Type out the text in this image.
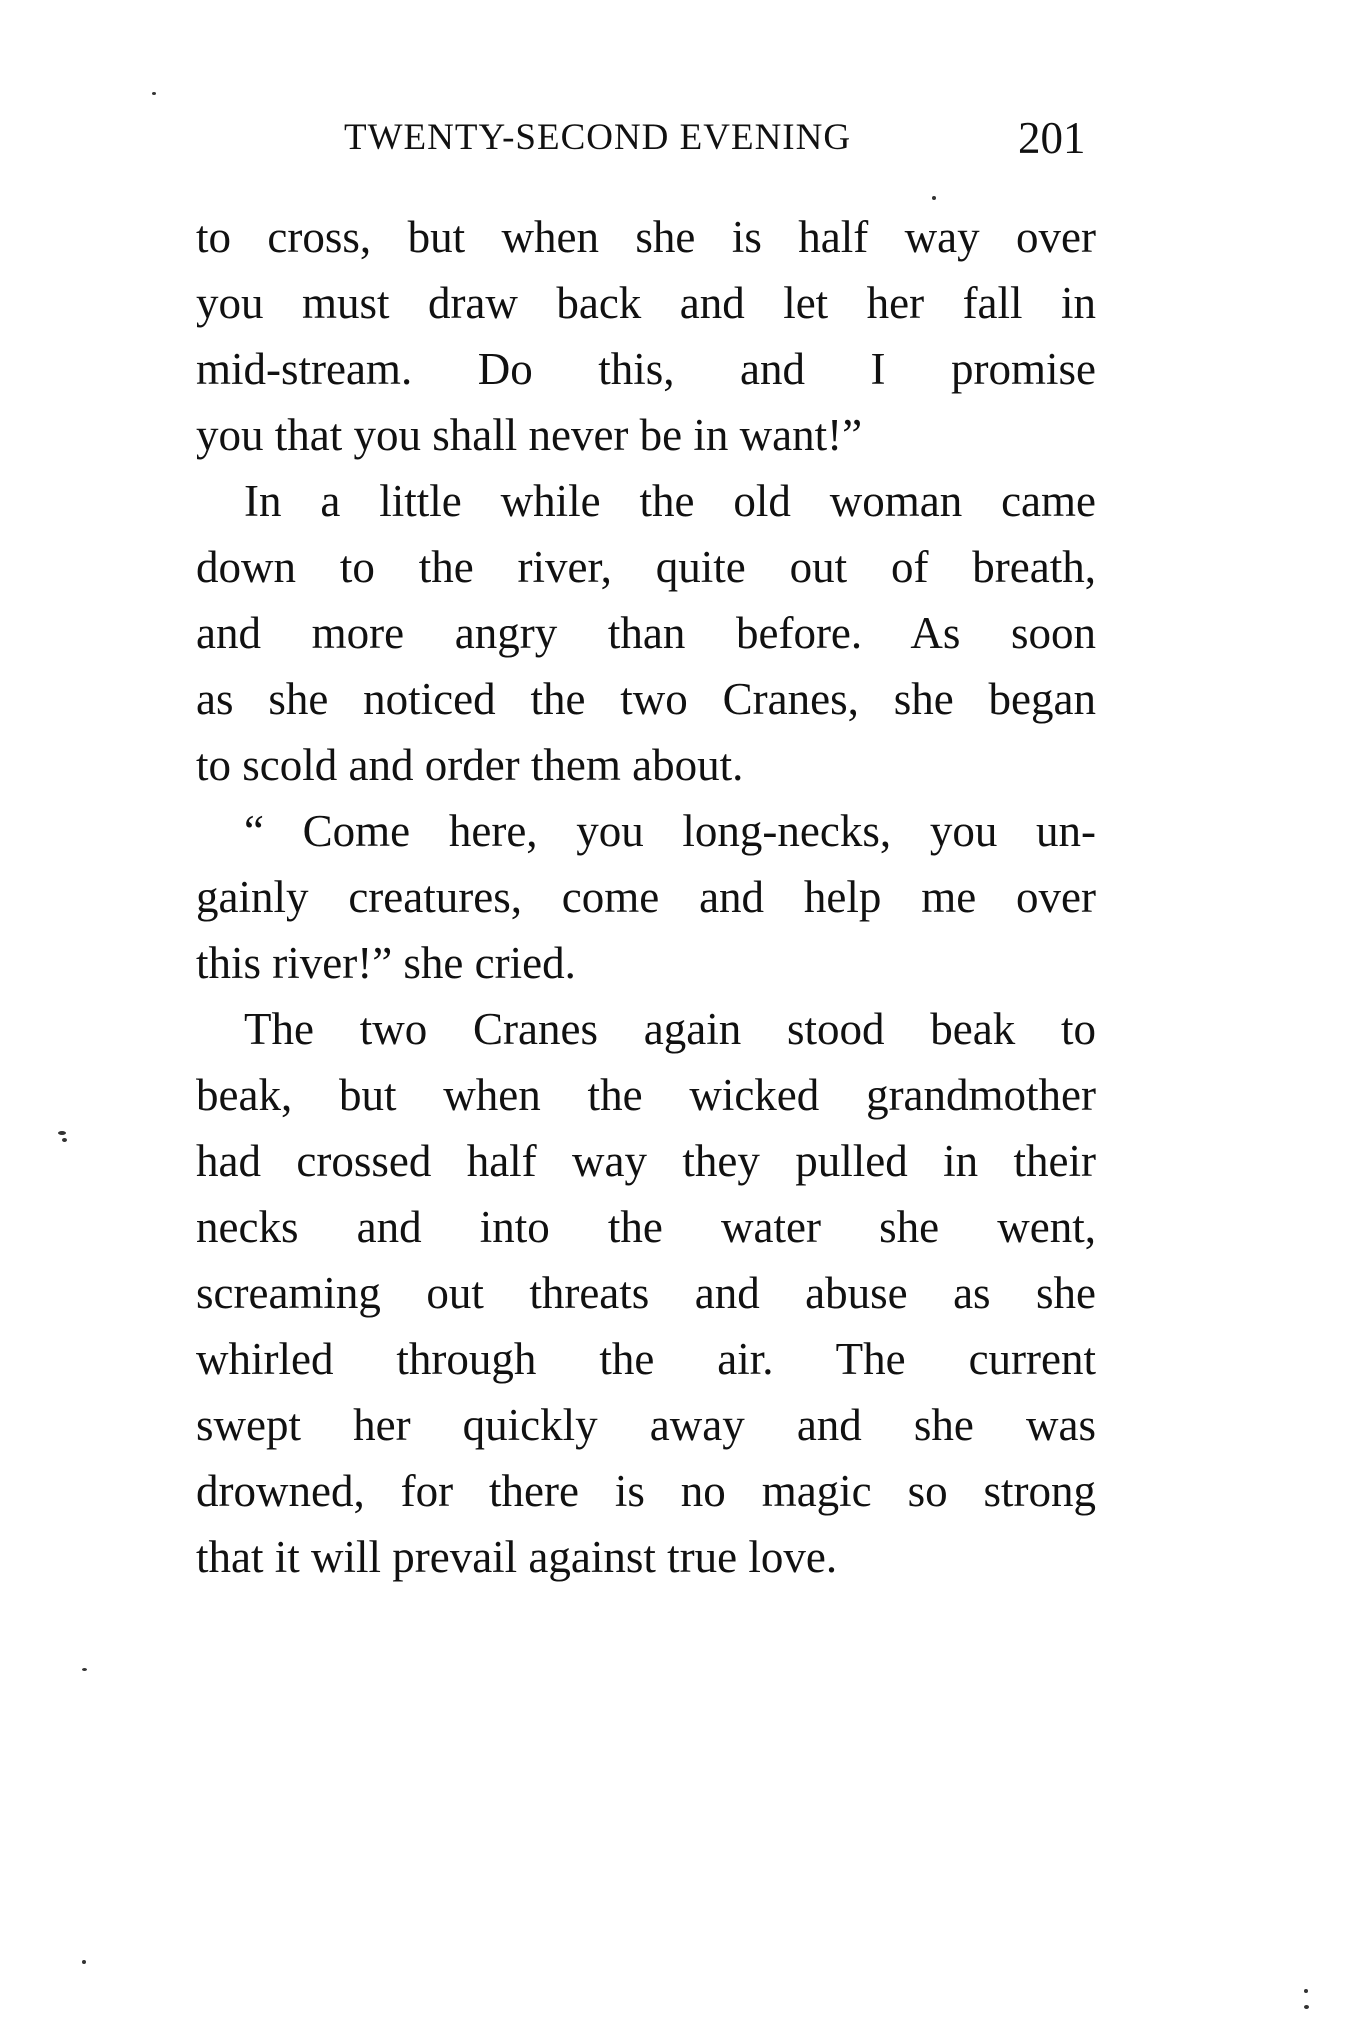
TWENTY-SECOND EVENING	201
to cross, but when she is half way over
you must draw back and let her fall in
mid-stream. Do this, and I promise
you that you shall never be in want!”
In a little while the old woman came
down to the river, quite out of breath,
and more angry than before. As soon
as she noticed the two Cranes, she began
to scold and order them about.
“ Come here, you long-necks, you un-
gainly creatures, come and help me over
this river!” she cried.
The two Cranes again stood beak to
beak, but when the wicked grandmother
had crossed half way they pulled in their
necks and into the water she went,
screaming out threats and abuse as she
whirled through the air. The current
swept her quickly away and she was
drowned, for there is no magic so strong
that it will prevail against true love.
